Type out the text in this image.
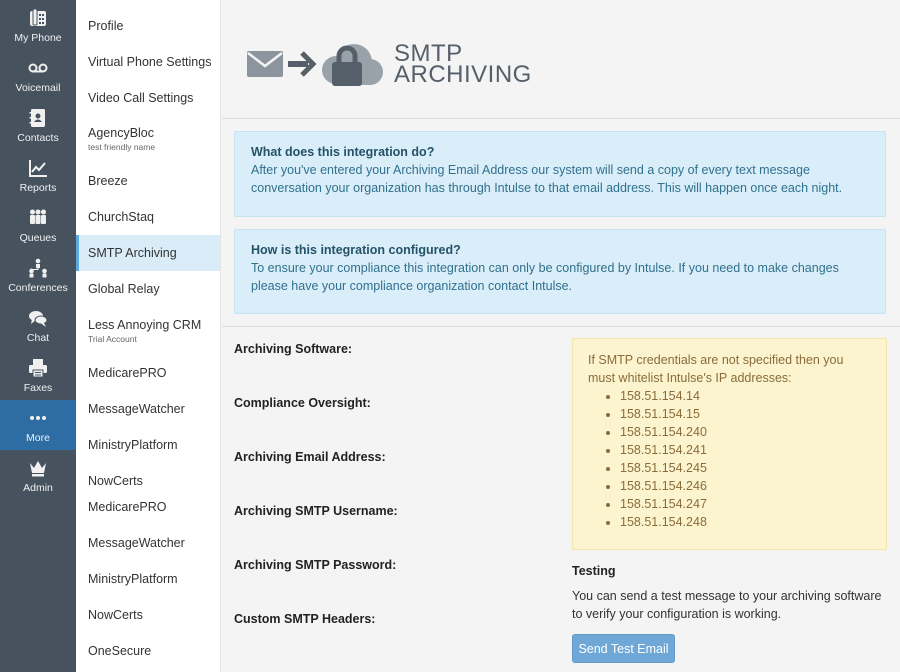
My Phone
Voicemail
Contacts
Reports
Queues
Conferences
Chat
Faxes
More
Admin
Profile
Virtual Phone Settings
Video Call Settings
AgencyBloc
test friendly name
Breeze
ChurchStaq
SMTP Archiving
Global Relay
Less Annoying CRM
Trial Account
MedicarePRO
MessageWatcher
MinistryPlatform
NowCerts
MedicarePRO
MessageWatcher
MinistryPlatform
NowCerts
OneSecure
SMTP
ARCHIVING
What does this integration do?
After you've entered your Archiving Email Address our system will send a copy of every text message conversation your organization has through Intulse to that email address. This will happen once each night.
How is this integration configured?
To ensure your compliance this integration can only be configured by Intulse. If you need to make changes please have your compliance organization contact Intulse.
Archiving Software:
Compliance Oversight:
Archiving Email Address:
Archiving SMTP Username:
Archiving SMTP Password:
Custom SMTP Headers:
If SMTP credentials are not specified then you must whitelist Intulse's IP addresses:
• 158.51.154.14
• 158.51.154.15
• 158.51.154.240
• 158.51.154.241
• 158.51.154.245
• 158.51.154.246
• 158.51.154.247
• 158.51.154.248
Testing
You can send a test message to your archiving software to verify your configuration is working.
Send Test Email
